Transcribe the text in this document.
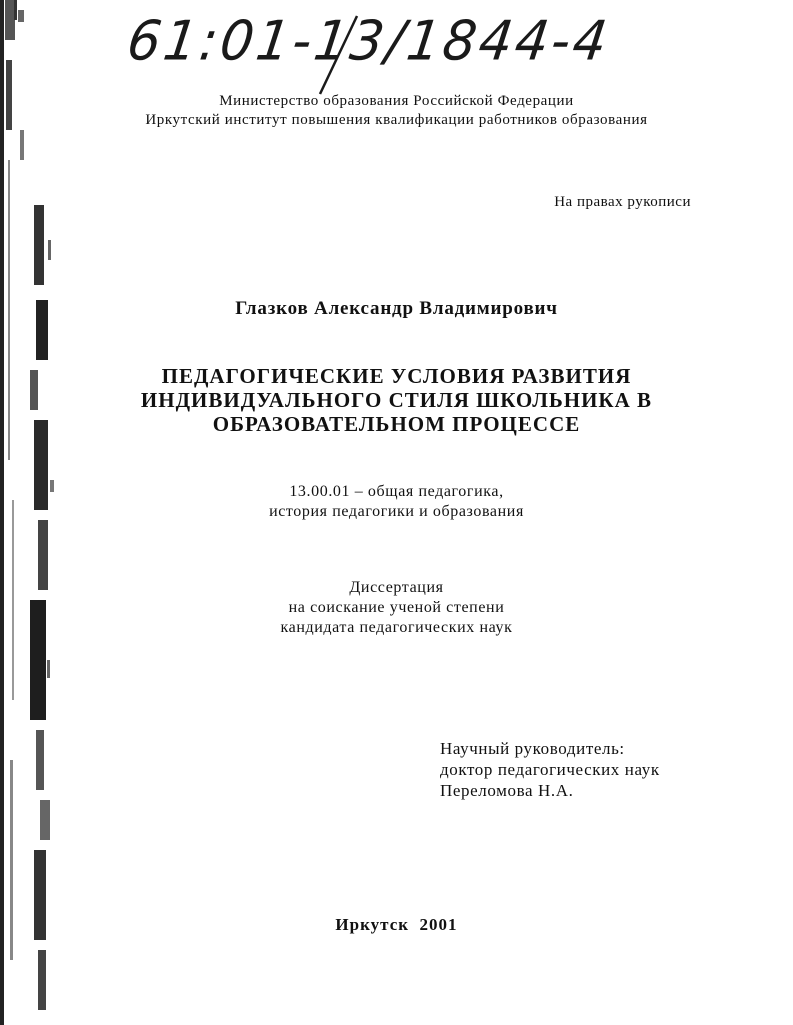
61:01-13/1844-4
Министерство образования Российской Федерации
Иркутский институт повышения квалификации работников образования
На правах рукописи
Глазков Александр Владимирович
ПЕДАГОГИЧЕСКИЕ УСЛОВИЯ РАЗВИТИЯ
ИНДИВИДУАЛЬНОГО СТИЛЯ ШКОЛЬНИКА В
ОБРАЗОВАТЕЛЬНОМ ПРОЦЕССЕ
13.00.01 – общая педагогика,
история педагогики и образования
Диссертация
на соискание ученой степени
кандидата педагогических наук
Научный руководитель:
доктор педагогических наук
Переломова Н.А.
Иркутск  2001
